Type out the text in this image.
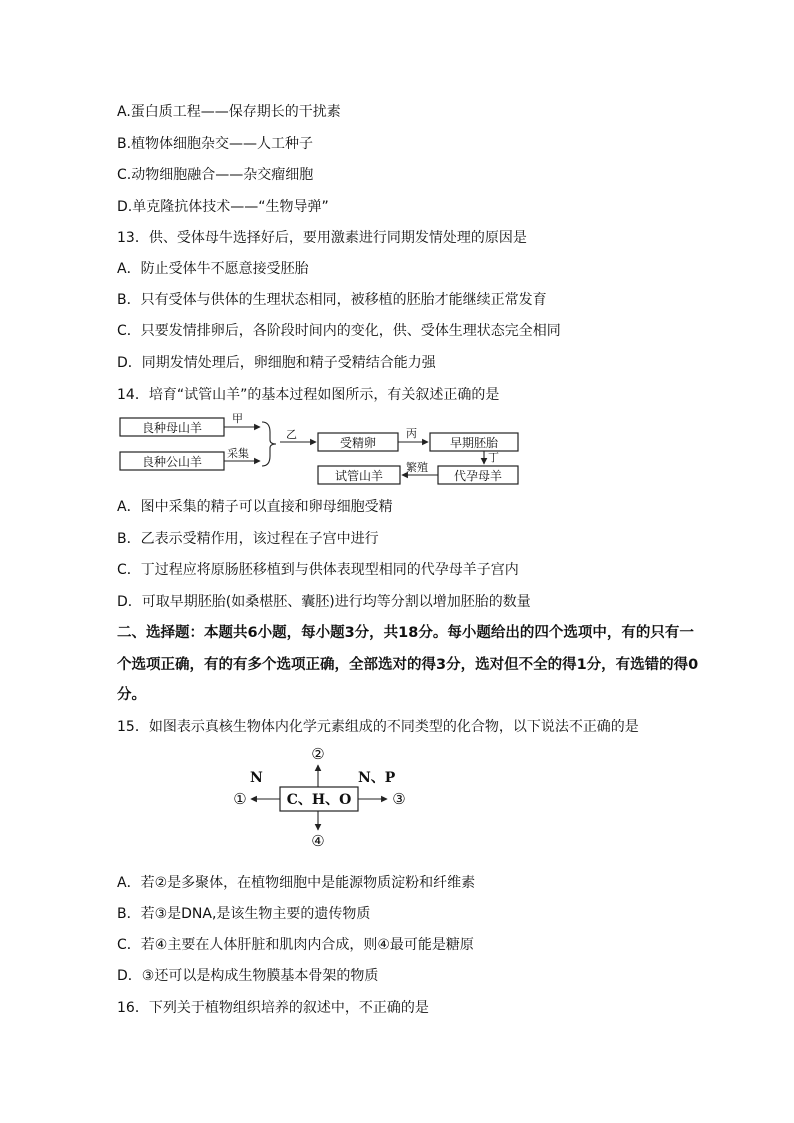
A.蛋白质工程——保存期长的干扰素
B.植物体细胞杂交——人工种子
C.动物细胞融合——杂交瘤细胞
D.单克隆抗体技术——“生物导弹”
13．供、受体母牛选择好后，要用激素进行同期发情处理的原因是
A．防止受体牛不愿意接受胚胎
B．只有受体与供体的生理状态相同，被移植的胚胎才能继续正常发育
C．只要发情排卵后，各阶段时间内的变化，供、受体生理状态完全相同
D．同期发情处理后，卵细胞和精子受精结合能力强
14．培育“试管山羊”的基本过程如图所示，有关叙述正确的是
良种母山羊
良种公山羊
甲
采集
乙
受精卵
丙
早期胚胎
丁
代孕母羊
繁殖
试管山羊
A．图中采集的精子可以直接和卵母细胞受精
B．乙表示受精作用，该过程在子宫中进行
C．丁过程应将原肠胚移植到与供体表现型相同的代孕母羊子宫内
D．可取早期胚胎(如桑椹胚、囊胚)进行均等分割以增加胚胎的数量
二、选择题：本题共6小题，每小题3分，共18分。每小题给出的四个选项中，有的只有一
个选项正确，有的有多个选项正确，全部选对的得3分，选对但不全的得1分，有选错的得0
分。
15．如图表示真核生物体内化学元素组成的不同类型的化合物，以下说法不正确的是
②
N	N、P
①	C、H、O	③
④
A．若②是多聚体，在植物细胞中是能源物质淀粉和纤维素
B．若③是DNA,是该生物主要的遗传物质
C．若④主要在人体肝脏和肌肉内合成，则④最可能是糖原
D．③还可以是构成生物膜基本骨架的物质
16．下列关于植物组织培养的叙述中，不正确的是
